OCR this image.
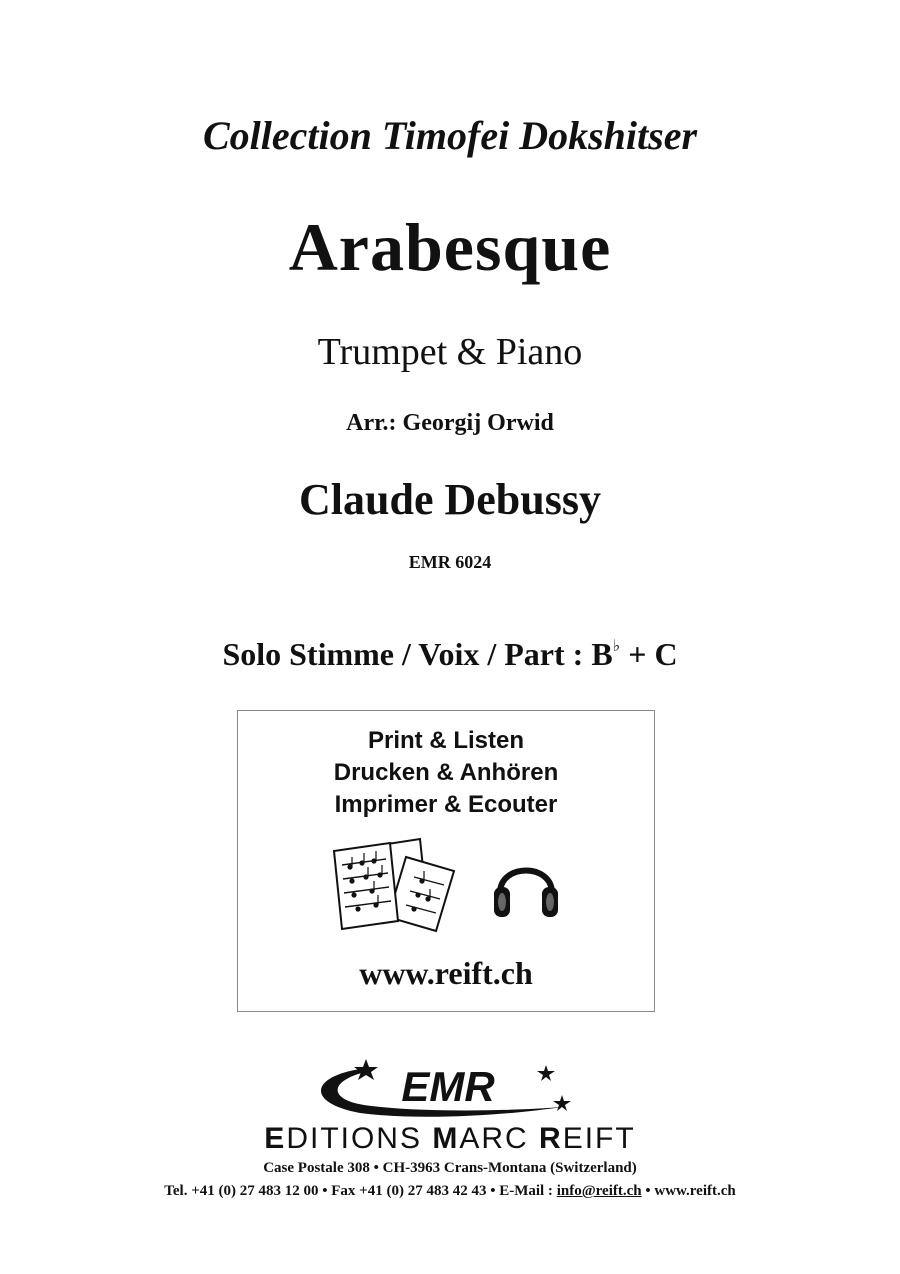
Collection Timofei Dokshitser
Arabesque
Trumpet & Piano
Arr.: Georgij Orwid
Claude Debussy
EMR 6024
Solo Stimme / Voix / Part : B♭ + C
Print & Listen
Drucken & Anhören
Imprimer & Ecouter
www.reift.ch
EMR
EDITIONS MARC REIFT
Case Postale 308 • CH-3963 Crans-Montana (Switzerland)
Tel. +41 (0) 27 483 12 00 • Fax +41 (0) 27 483 42 43 • E-Mail : info@reift.ch • www.reift.ch
